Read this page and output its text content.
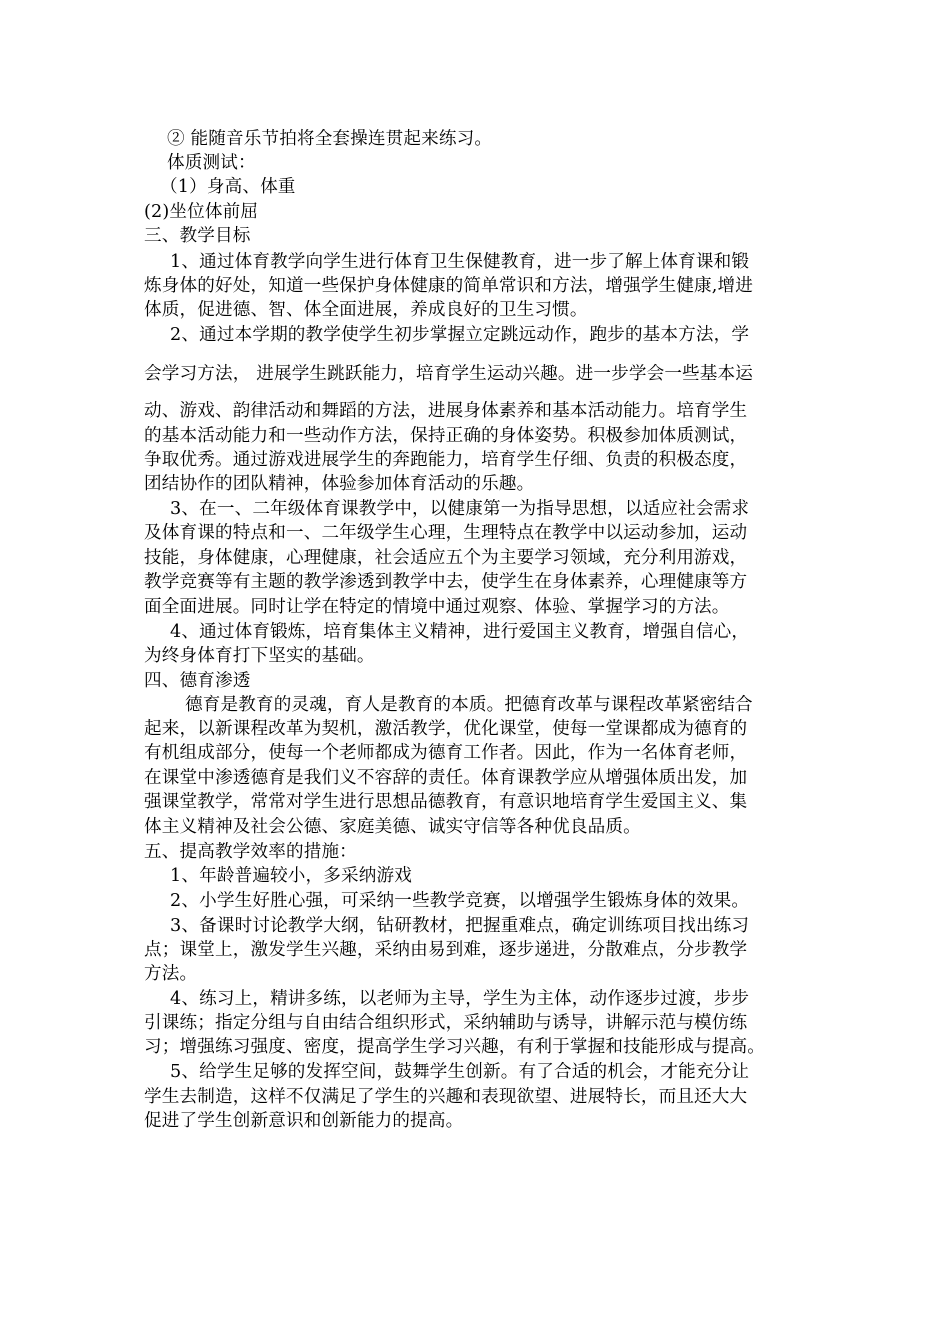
② 能随音乐节拍将全套操连贯起来练习。
体质测试：
（1）身高、体重
(2)坐位体前屈
三、教学目标
1、通过体育教学向学生进行体育卫生保健教育，进一步了解上体育课和锻
炼身体的好处，知道一些保护身体健康的简单常识和方法，增强学生健康,增进
体质，促进德、智、体全面进展，养成良好的卫生习惯。
2、通过本学期的教学使学生初步掌握立定跳远动作，跑步的基本方法，学
会学习方法， 进展学生跳跃能力，培育学生运动兴趣。进一步学会一些基本运
动、游戏、韵律活动和舞蹈的方法，进展身体素养和基本活动能力。培育学生
的基本活动能力和一些动作方法，保持正确的身体姿势。积极参加体质测试，
争取优秀。通过游戏进展学生的奔跑能力，培育学生仔细、负责的积极态度，
团结协作的团队精神，体验参加体育活动的乐趣。
3、在一、二年级体育课教学中，以健康第一为指导思想，以适应社会需求
及体育课的特点和一、二年级学生心理，生理特点在教学中以运动参加，运动
技能，身体健康，心理健康，社会适应五个为主要学习领域，充分利用游戏，
教学竞赛等有主题的教学渗透到教学中去，使学生在身体素养，心理健康等方
面全面进展。同时让学在特定的情境中通过观察、体验、掌握学习的方法。
4、通过体育锻炼，培育集体主义精神，进行爱国主义教育，增强自信心，
为终身体育打下坚实的基础。
四、德育渗透
德育是教育的灵魂，育人是教育的本质。把德育改革与课程改革紧密结合
起来，以新课程改革为契机，激活教学，优化课堂，使每一堂课都成为德育的
有机组成部分，使每一个老师都成为德育工作者。因此，作为一名体育老师，
在课堂中渗透德育是我们义不容辞的责任。体育课教学应从增强体质出发，加
强课堂教学，常常对学生进行思想品德教育，有意识地培育学生爱国主义、集
体主义精神及社会公德、家庭美德、诚实守信等各种优良品质。
五、提高教学效率的措施：
1、年龄普遍较小，多采纳游戏
2、小学生好胜心强，可采纳一些教学竞赛，以增强学生锻炼身体的效果。
3、备课时讨论教学大纲，钻研教材，把握重难点，确定训练项目找出练习
点；课堂上，激发学生兴趣，采纳由易到难，逐步递进，分散难点，分步教学
方法。
4、练习上，精讲多练，以老师为主导，学生为主体，动作逐步过渡，步步
引课练；指定分组与自由结合组织形式，采纳辅助与诱导，讲解示范与模仿练
习；增强练习强度、密度，提高学生学习兴趣，有利于掌握和技能形成与提高。
5、给学生足够的发挥空间，鼓舞学生创新。有了合适的机会，才能充分让
学生去制造，这样不仅满足了学生的兴趣和表现欲望、进展特长，而且还大大
促进了学生创新意识和创新能力的提高。
